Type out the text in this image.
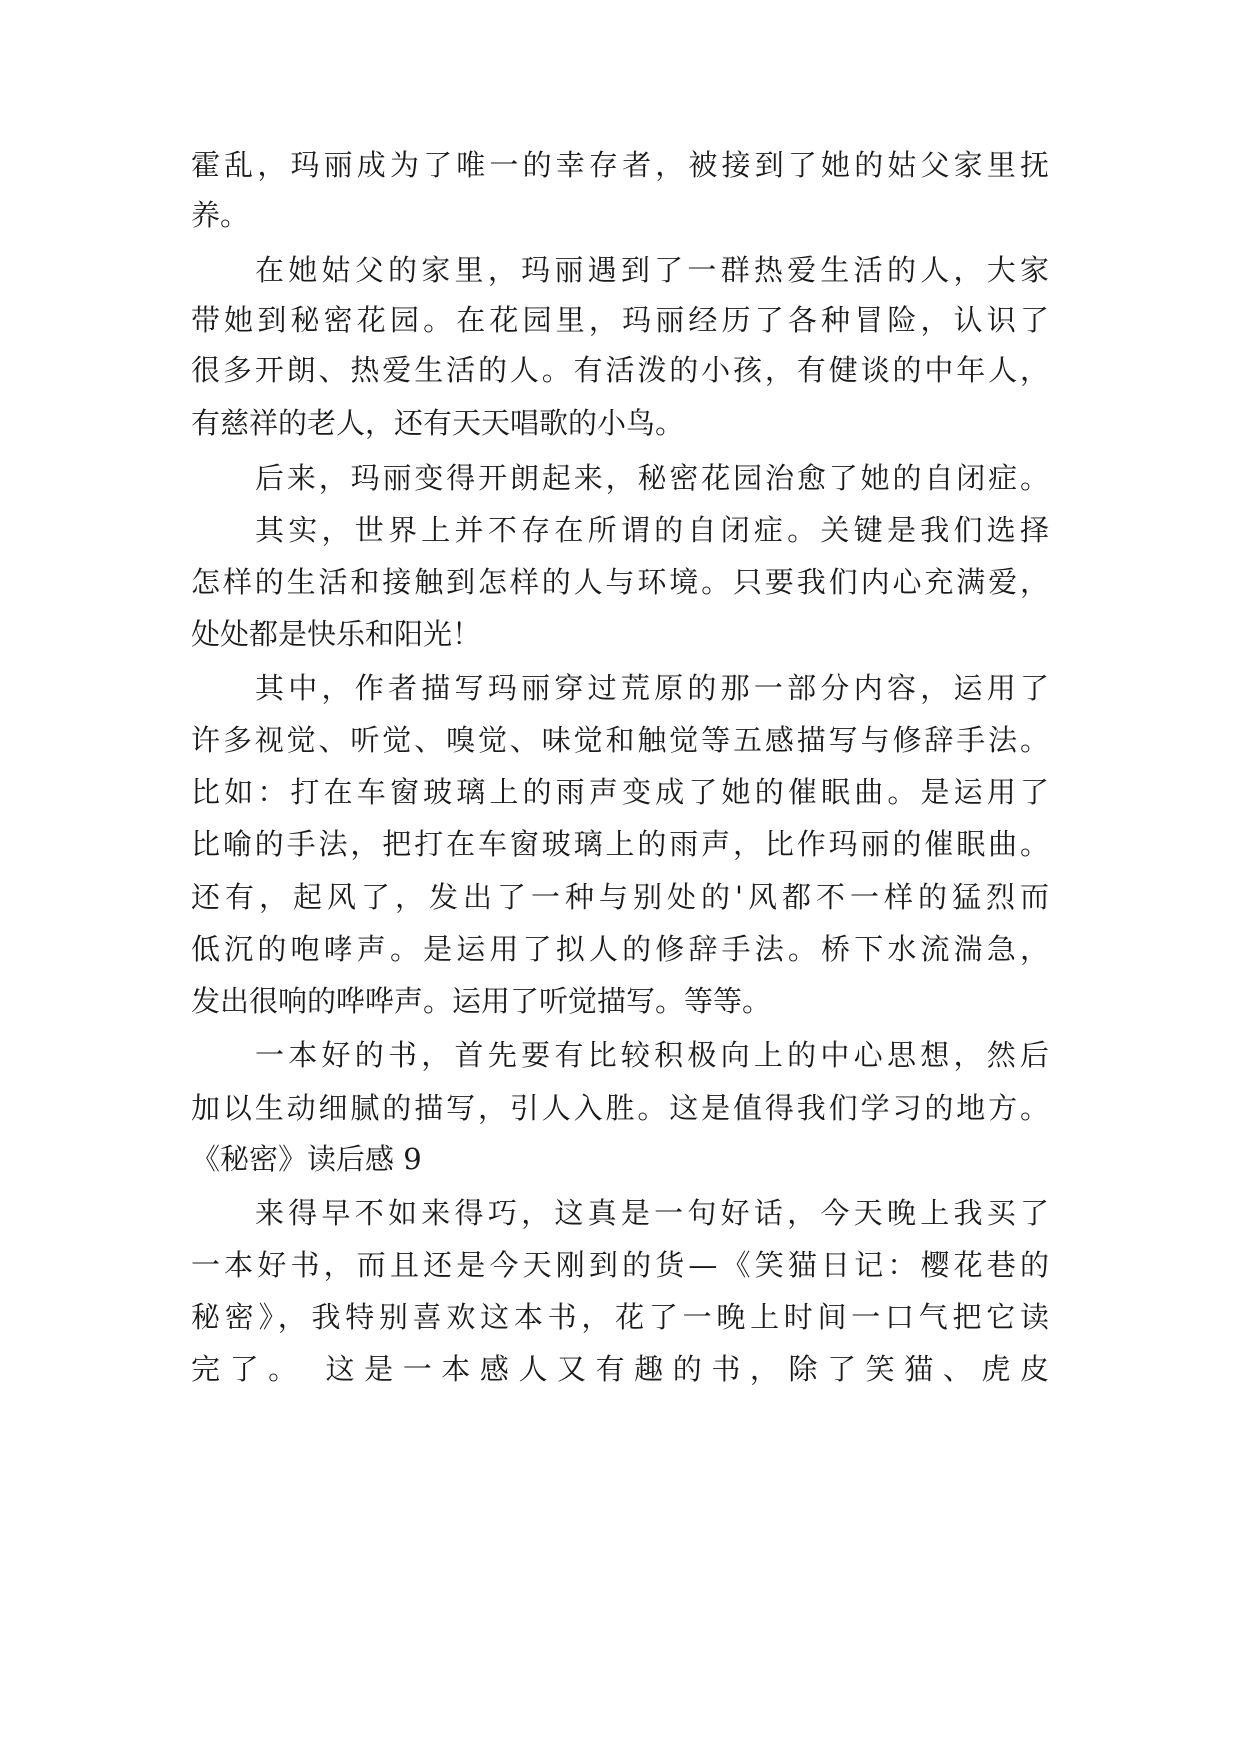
霍乱，玛丽成为了唯一的幸存者，被接到了她的姑父家里抚
养。
在她姑父的家里，玛丽遇到了一群热爱生活的人，大家
带她到秘密花园。在花园里，玛丽经历了各种冒险，认识了
很多开朗、热爱生活的人。有活泼的小孩，有健谈的中年人，
有慈祥的老人，还有天天唱歌的小鸟。
后来，玛丽变得开朗起来，秘密花园治愈了她的自闭症。
其实，世界上并不存在所谓的自闭症。关键是我们选择
怎样的生活和接触到怎样的人与环境。只要我们内心充满爱，
处处都是快乐和阳光！
其中，作者描写玛丽穿过荒原的那一部分内容，运用了
许多视觉、听觉、嗅觉、味觉和触觉等五感描写与修辞手法。
比如：打在车窗玻璃上的雨声变成了她的催眠曲。是运用了
比喻的手法，把打在车窗玻璃上的雨声，比作玛丽的催眠曲。
还有，起风了，发出了一种与别处的'风都不一样的猛烈而
低沉的咆哮声。是运用了拟人的修辞手法。桥下水流湍急，
发出很响的哗哗声。运用了听觉描写。等等。
一本好的书，首先要有比较积极向上的中心思想，然后
加以生动细腻的描写，引人入胜。这是值得我们学习的地方。
《秘密》读后感 9
来得早不如来得巧，这真是一句好话，今天晚上我买了
一本好书，而且还是今天刚到的货—《笑猫日记：樱花巷的
秘密》，我特别喜欢这本书，花了一晚上时间一口气把它读
完了。 这是一本感人又有趣的书，除了笑猫、虎皮
